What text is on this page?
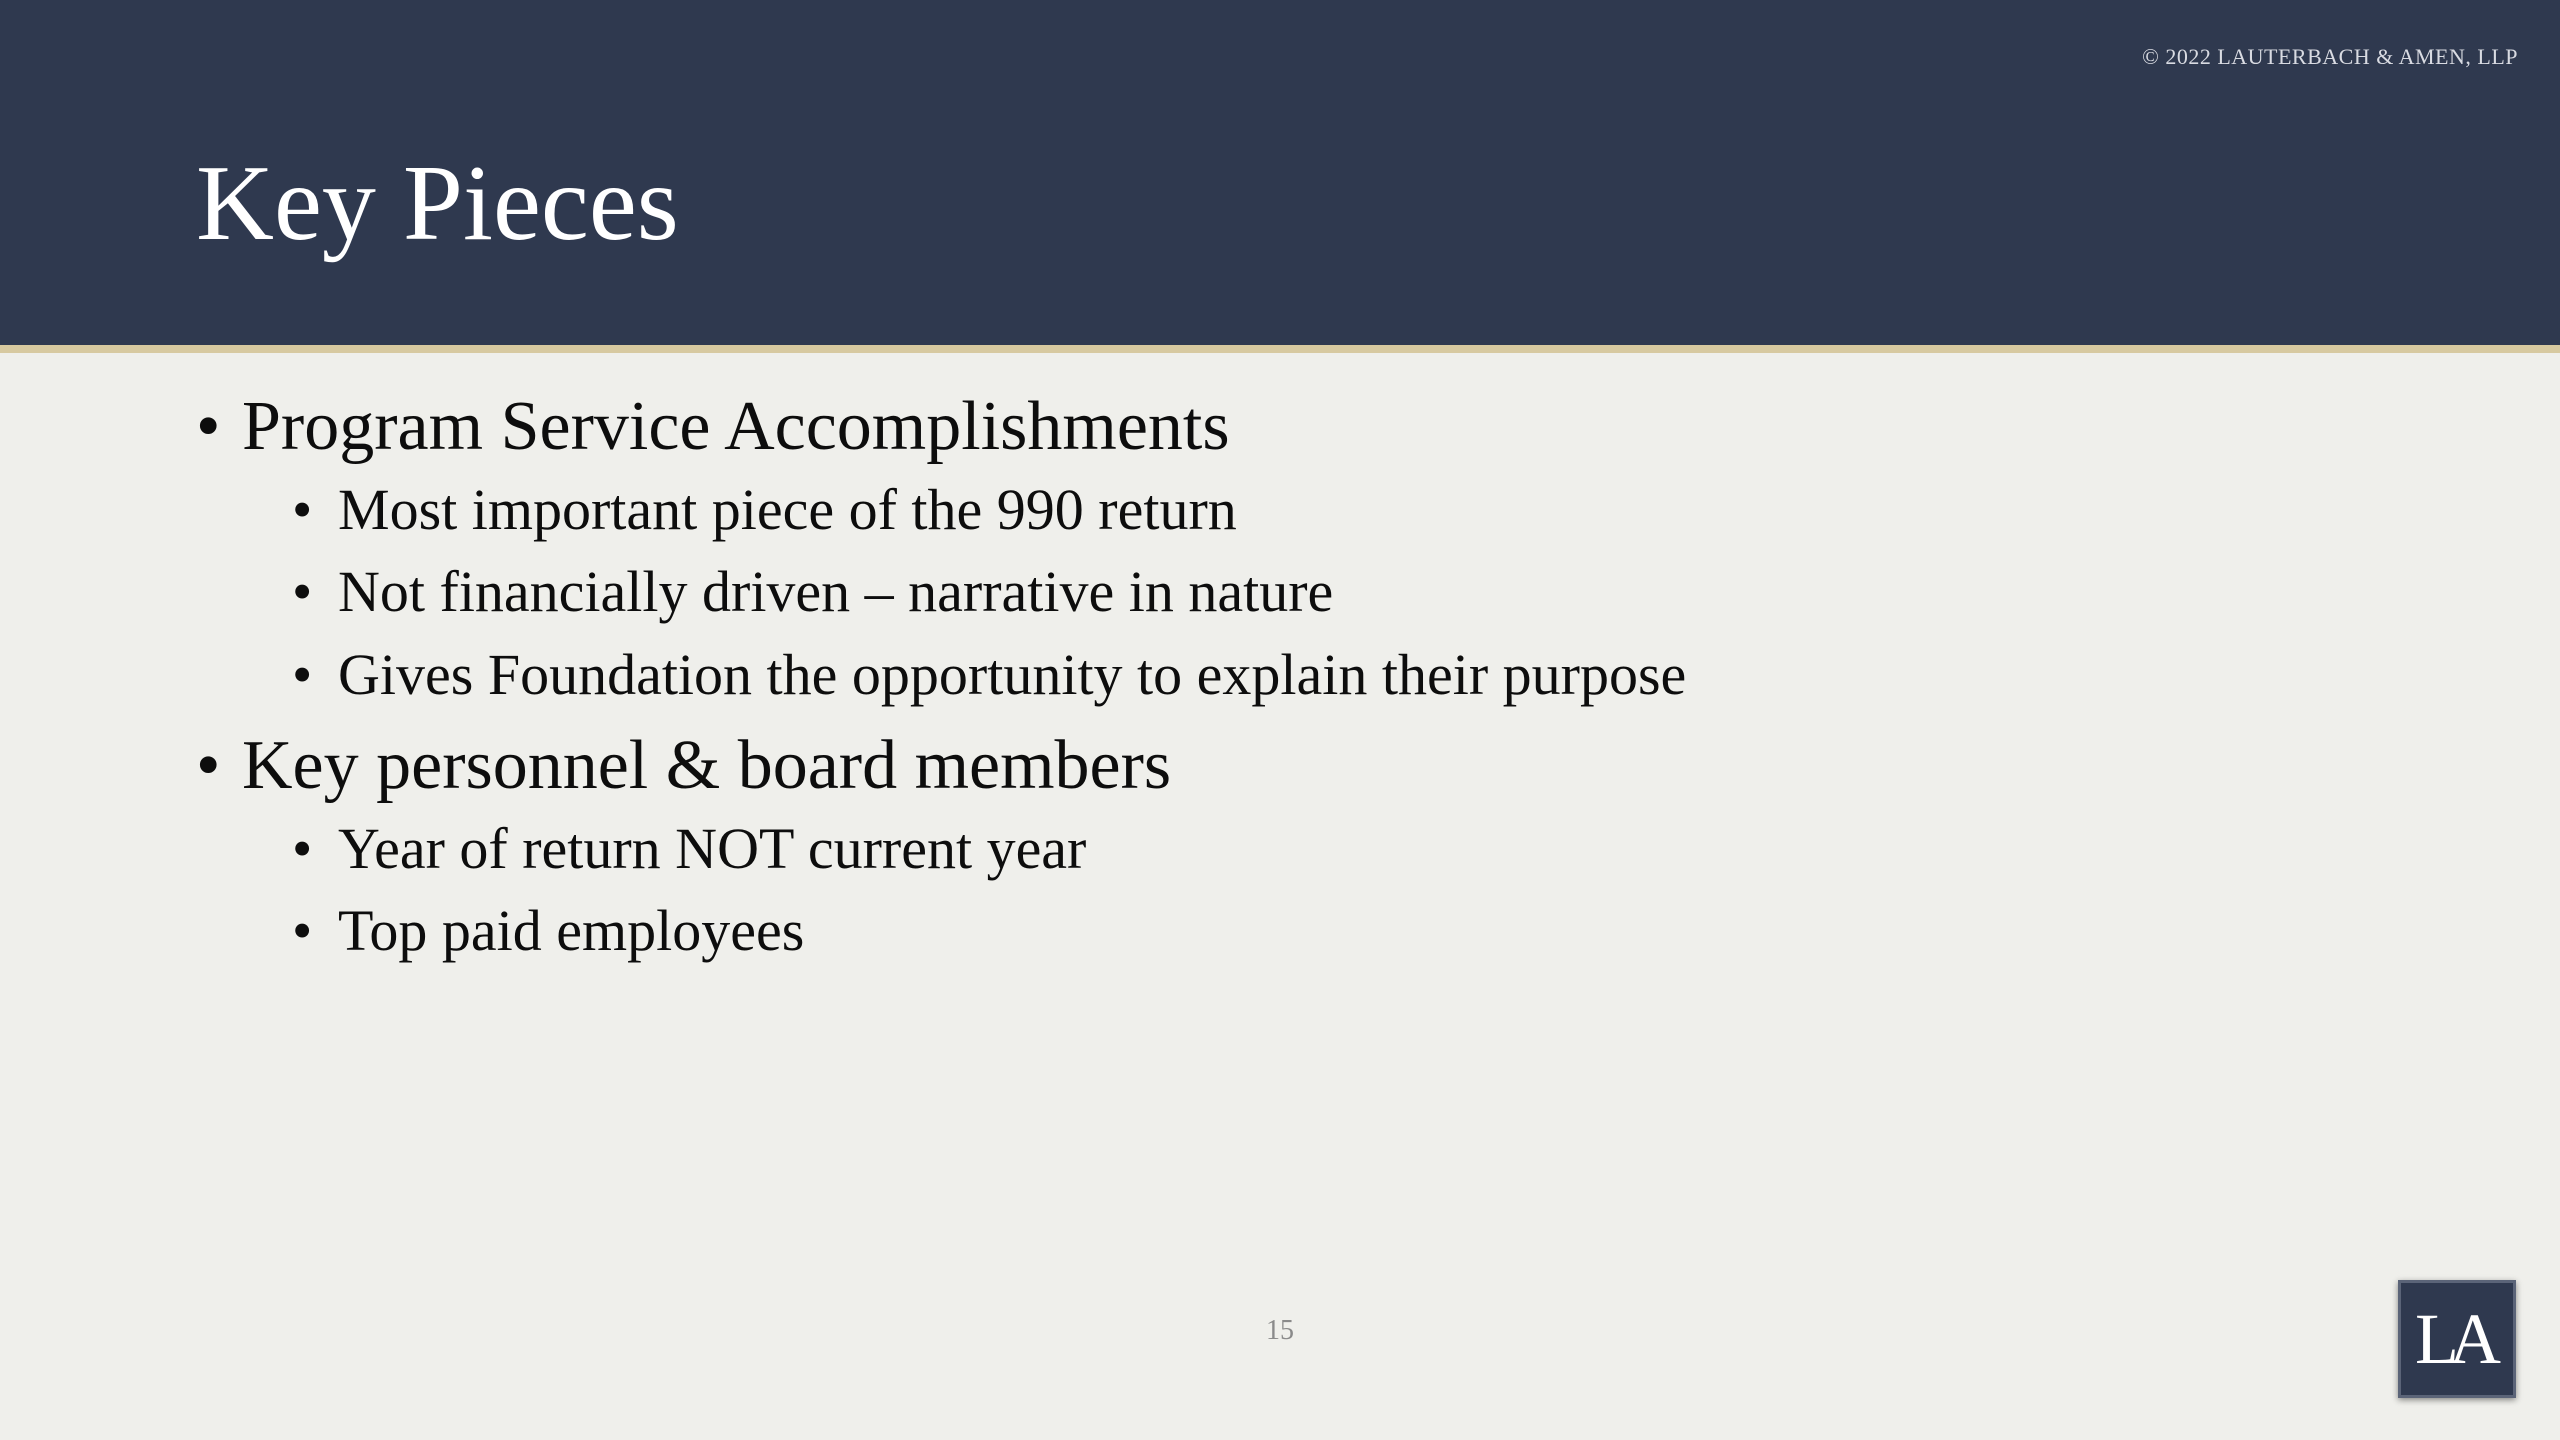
© 2022 LAUTERBACH & AMEN, LLP
Key Pieces
• Program Service Accomplishments
• Most important piece of the 990 return
• Not financially driven – narrative in nature
• Gives Foundation the opportunity to explain their purpose
• Key personnel & board members
• Year of return NOT current year
• Top paid employees
15	LA
